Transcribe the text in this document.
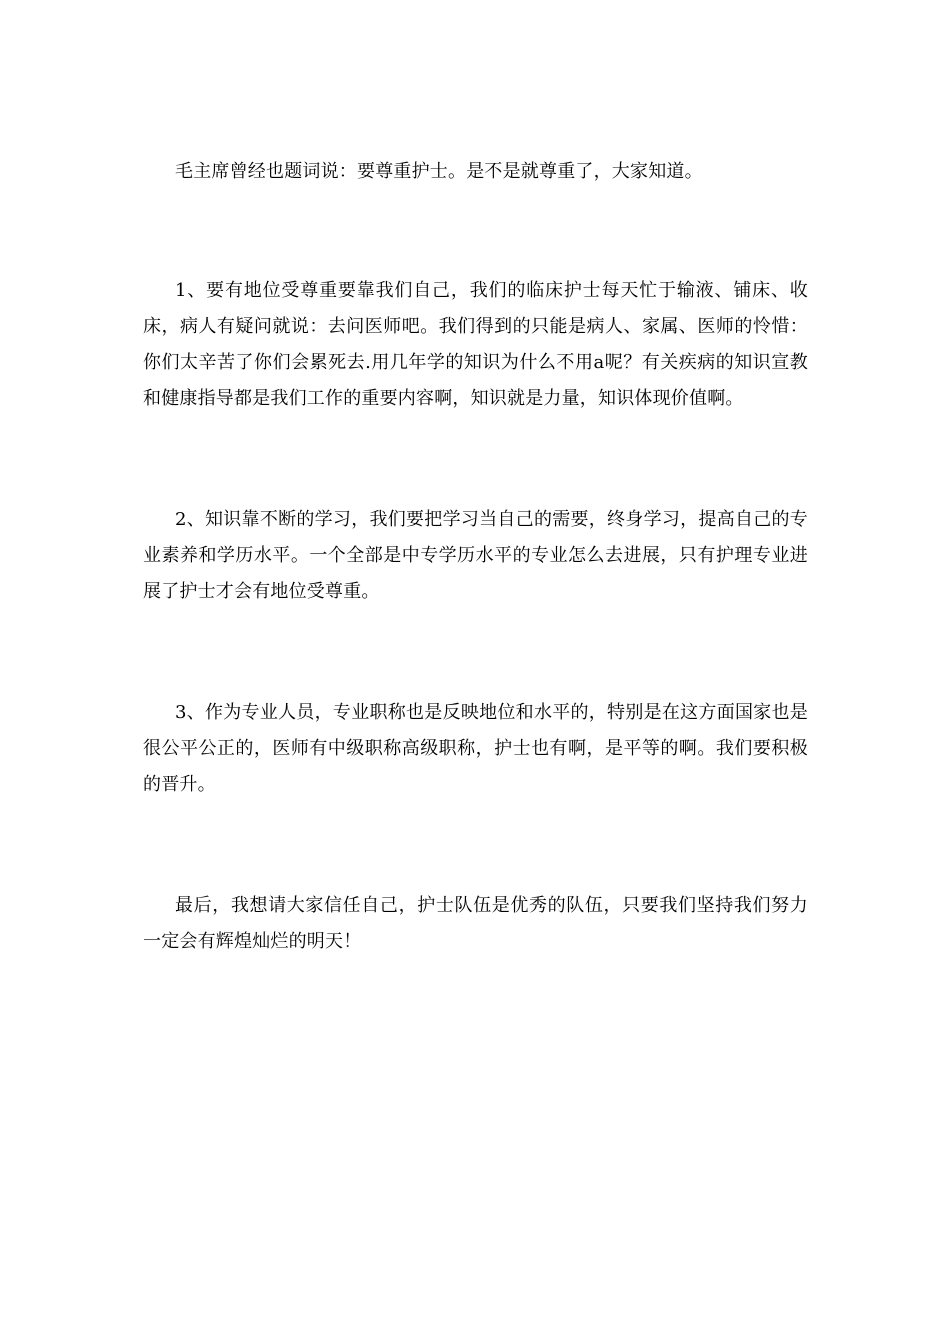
毛主席曾经也题词说：要尊重护士。是不是就尊重了，大家知道。

1、要有地位受尊重要靠我们自己，我们的临床护士每天忙于输液、铺床、收床，病人有疑问就说：去问医师吧。我们得到的只能是病人、家属、医师的怜惜：你们太辛苦了你们会累死去.用几年学的知识为什么不用a呢？有关疾病的知识宣教和健康指导都是我们工作的重要内容啊，知识就是力量，知识体现价值啊。

2、知识靠不断的学习，我们要把学习当自己的需要，终身学习，提高自己的专业素养和学历水平。一个全部是中专学历水平的专业怎么去进展，只有护理专业进展了护士才会有地位受尊重。

3、作为专业人员，专业职称也是反映地位和水平的，特别是在这方面国家也是很公平公正的，医师有中级职称高级职称，护士也有啊，是平等的啊。我们要积极的晋升。

最后，我想请大家信任自己，护士队伍是优秀的队伍，只要我们坚持我们努力一定会有辉煌灿烂的明天！
